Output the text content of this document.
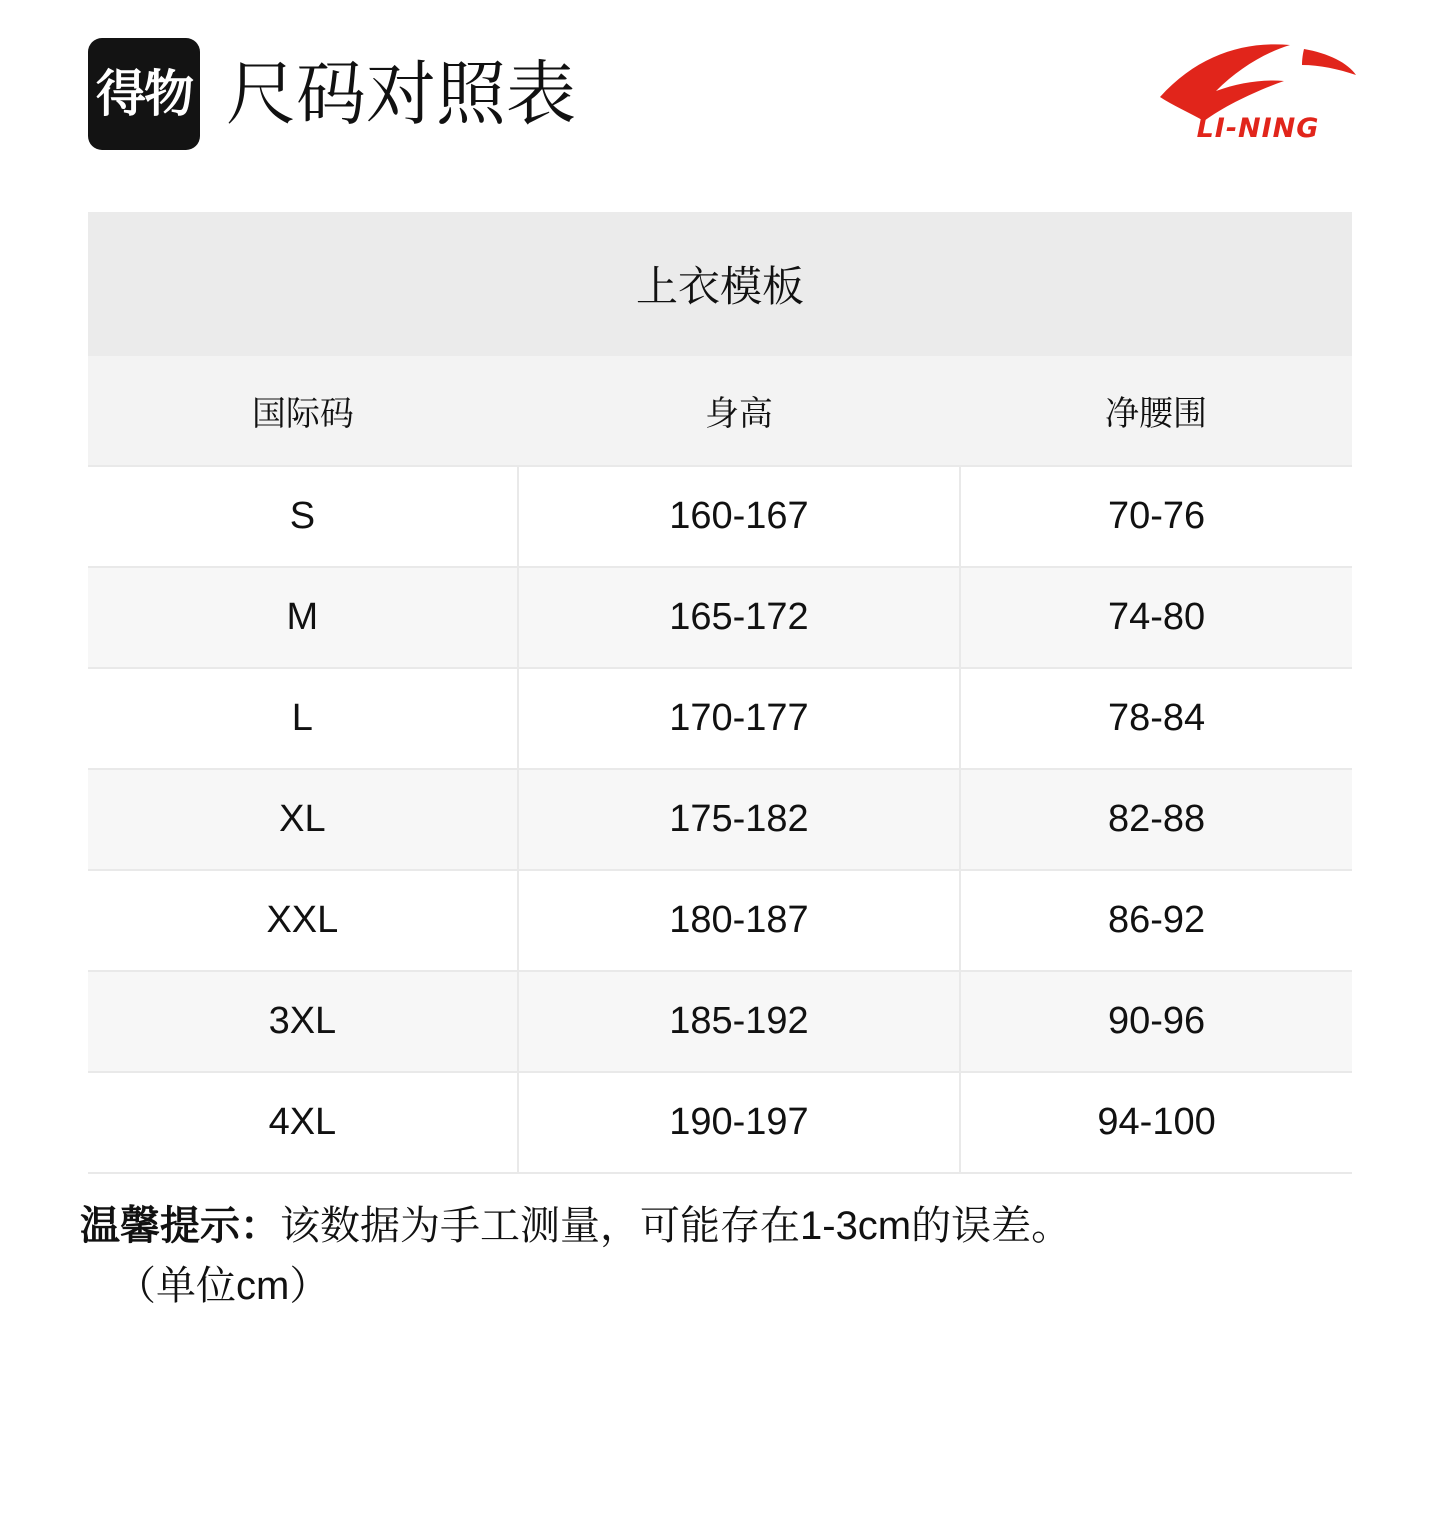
得物 尺码对照表	LI-NING
上衣模板
国际码	身高	净腰围
S	160-167	70-76
M	165-172	74-80
L	170-177	78-84
XL	175-182	82-88
XXL	180-187	86-92
3XL	185-192	90-96
4XL	190-197	94-100
温馨提示：该数据为手工测量，可能存在1-3cm的误差。
（单位cm）
